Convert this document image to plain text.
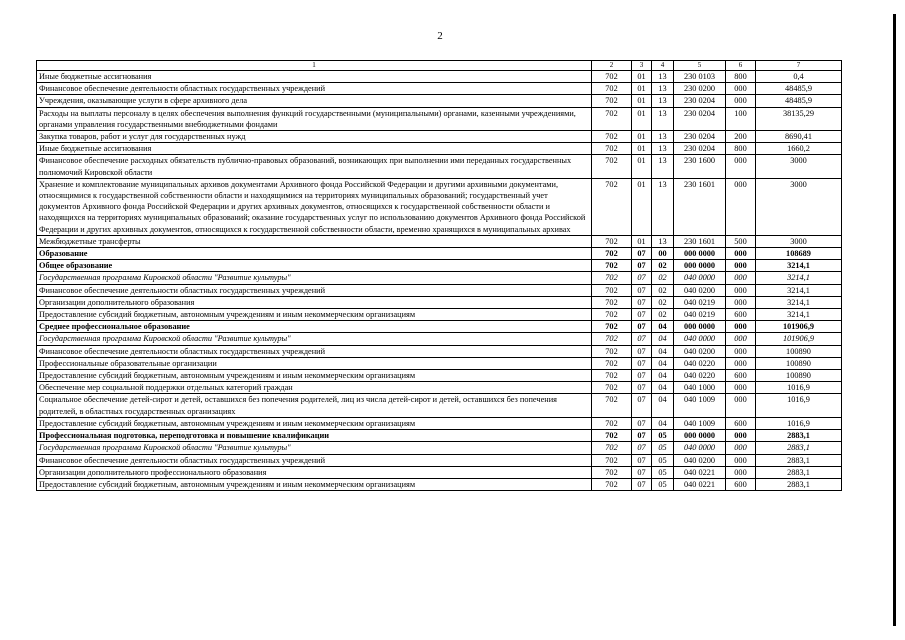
2
1	2	3	4	5	6	7
Иные бюджетные ассигнования	702	01	13	230 0103	800	0,4
Финансовое обеспечение деятельности областных государственных учреждений	702	01	13	230 0200	000	48485,9
Учреждения, оказывающие услуги в сфере архивного дела	702	01	13	230 0204	000	48485,9
Расходы на выплаты персоналу в целях обеспечения выполнения функций государственными (муниципальными) органами, казенными учреждениями, органами управления государственными внебюджетными фондами	702	01	13	230 0204	100	38135,29
Закупка товаров, работ и услуг для государственных нужд	702	01	13	230 0204	200	8690,41
Иные бюджетные ассигнования	702	01	13	230 0204	800	1660,2
Финансовое обеспечение расходных обязательств публично-правовых образований, возникающих при выполнении ими переданных государственных полномочий Кировской области	702	01	13	230 1600	000	3000
Хранение и комплектование муниципальных архивов документами Архивного фонда Российской Федерации и другими архивными документами, относящимися к государственной собственности области и находящимися на территориях муниципальных образований; государственный учет документов Архивного фонда Российской Федерации и других архивных документов, относящихся к государственной собственности области и находящихся на территориях муниципальных образований; оказание государственных услуг по использованию документов Архивного фонда Российской Федерации и других архивных документов, относящихся к государственной собственности области, временно хранящихся в муниципальных архивах	702	01	13	230 1601	000	3000
Межбюджетные трансферты	702	01	13	230 1601	500	3000
Образование	702	07	00	000 0000	000	108689
Общее образование	702	07	02	000 0000	000	3214,1
Государственная программа Кировской области "Развитие культуры"	702	07	02	040 0000	000	3214,1
Финансовое обеспечение деятельности областных государственных учреждений	702	07	02	040 0200	000	3214,1
Организации дополнительного образования	702	07	02	040 0219	000	3214,1
Предоставление субсидий бюджетным, автономным учреждениям и иным некоммерческим организациям	702	07	02	040 0219	600	3214,1
Среднее профессиональное образование	702	07	04	000 0000	000	101906,9
Государственная программа Кировской области "Развитие культуры"	702	07	04	040 0000	000	101906,9
Финансовое обеспечение деятельности областных государственных учреждений	702	07	04	040 0200	000	100890
Профессиональные образовательные организации	702	07	04	040 0220	000	100890
Предоставление субсидий бюджетным, автономным учреждениям и иным некоммерческим организациям	702	07	04	040 0220	600	100890
Обеспечение мер социальной поддержки отдельных категорий граждан	702	07	04	040 1000	000	1016,9
Социальное обеспечение детей-сирот и детей, оставшихся без попечения родителей, лиц из числа детей-сирот и детей, оставшихся без попечения родителей, в областных государственных организациях	702	07	04	040 1009	000	1016,9
Предоставление субсидий бюджетным, автономным учреждениям и иным некоммерческим организациям	702	07	04	040 1009	600	1016,9
Профессиональная подготовка, переподготовка и повышение квалификации	702	07	05	000 0000	000	2883,1
Государственная программа Кировской области "Развитие культуры"	702	07	05	040 0000	000	2883,1
Финансовое обеспечение деятельности областных государственных учреждений	702	07	05	040 0200	000	2883,1
Организации дополнительного профессионального образования	702	07	05	040 0221	000	2883,1
Предоставление субсидий бюджетным, автономным учреждениям и иным некоммерческим организациям	702	07	05	040 0221	600	2883,1
